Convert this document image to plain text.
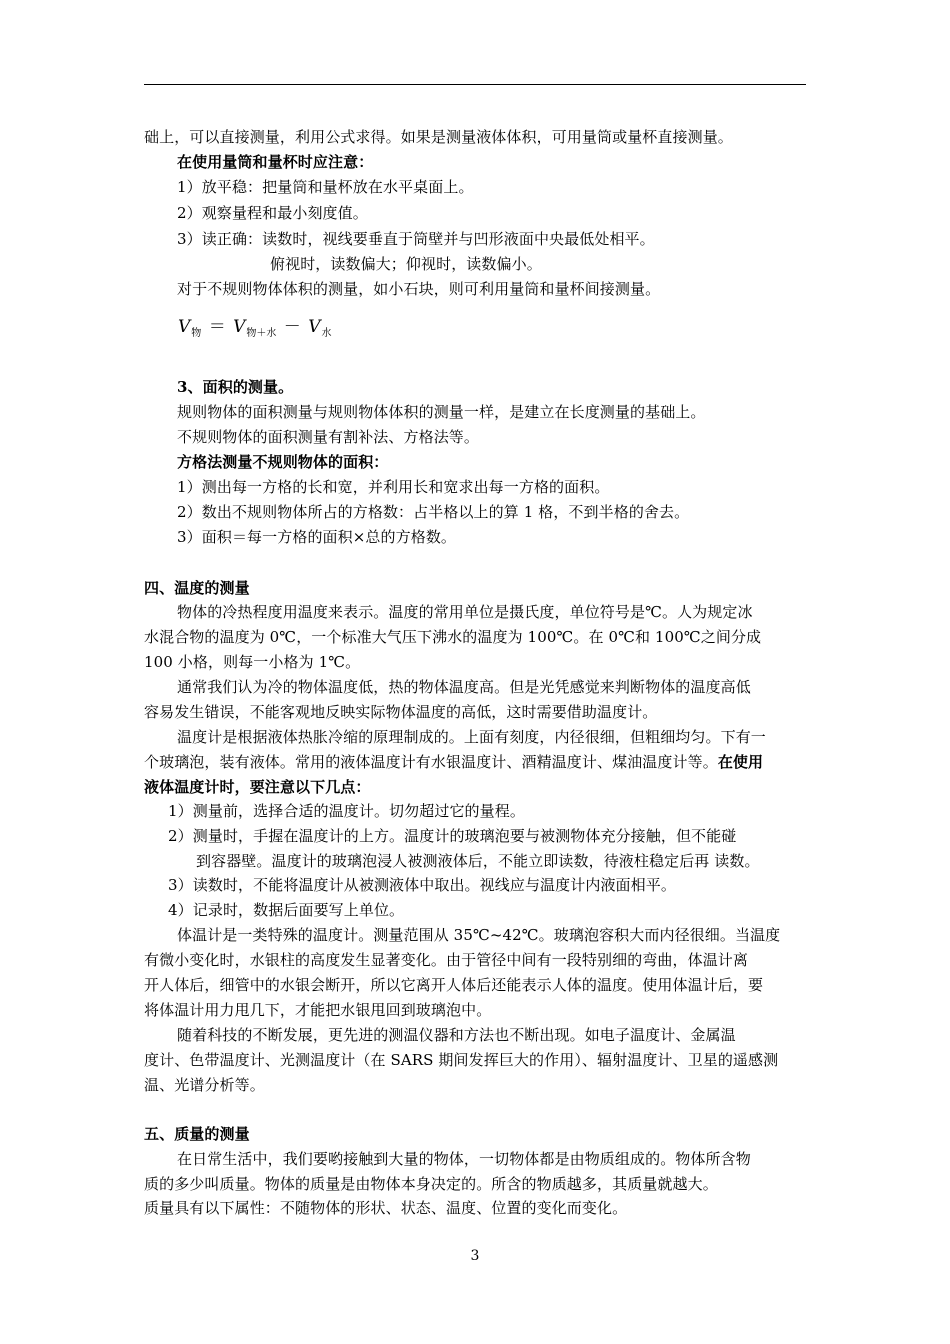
础上，可以直接测量，利用公式求得。如果是测量液体体积，可用量筒或量杯直接测量。
在使用量筒和量杯时应注意：
1）放平稳：把量筒和量杯放在水平桌面上。
2）观察量程和最小刻度值。
3）读正确：读数时，视线要垂直于筒壁并与凹形液面中央最低处相平。
俯视时，读数偏大；仰视时，读数偏小。
对于不规则物体体积的测量，如小石块，则可利用量筒和量杯间接测量。
$V_物 = V_{物+水} - V_水$
3、面积的测量。
规则物体的面积测量与规则物体体积的测量一样，是建立在长度测量的基础上。
不规则物体的面积测量有割补法、方格法等。
方格法测量不规则物体的面积：
1）测出每一方格的长和宽，并利用长和宽求出每一方格的面积。
2）数出不规则物体所占的方格数：占半格以上的算 1 格，不到半格的舍去。
3）面积＝每一方格的面积×总的方格数。
四、温度的测量
物体的冷热程度用温度来表示。温度的常用单位是摄氏度，单位符号是℃。人为规定冰
水混合物的温度为 0℃，一个标准大气压下沸水的温度为 100℃。在 0℃和 100℃之间分成
100 小格，则每一小格为 1℃。
通常我们认为冷的物体温度低，热的物体温度高。但是光凭感觉来判断物体的温度高低
容易发生错误，不能客观地反映实际物体温度的高低，这时需要借助温度计。
温度计是根据液体热胀冷缩的原理制成的。上面有刻度，内径很细，但粗细均匀。下有一
个玻璃泡，装有液体。常用的液体温度计有水银温度计、酒精温度计、煤油温度计等。在使用
液体温度计时，要注意以下几点：
1）测量前，选择合适的温度计。切勿超过它的量程。
2）测量时，手握在温度计的上方。温度计的玻璃泡要与被测物体充分接触，但不能碰
到容器壁。温度计的玻璃泡浸人被测液体后，不能立即读数，待液柱稳定后再 读数。
3）读数时，不能将温度计从被测液体中取出。视线应与温度计内液面相平。
4）记录时，数据后面要写上单位。
体温计是一类特殊的温度计。测量范围从 35℃~42℃。玻璃泡容积大而内径很细。当温度
有微小变化时，水银柱的高度发生显著变化。由于管径中间有一段特别细的弯曲，体温计离
开人体后，细管中的水银会断开，所以它离开人体后还能表示人体的温度。使用体温计后，要
将体温计用力甩几下，才能把水银甩回到玻璃泡中。
随着科技的不断发展，更先进的测温仪器和方法也不断出现。如电子温度计、金属温
度计、色带温度计、光测温度计（在 SARS 期间发挥巨大的作用）、辐射温度计、卫星的遥感测
温、光谱分析等。
五、质量的测量
在日常生活中，我们要哟接触到大量的物体，一切物体都是由物质组成的。物体所含物
质的多少叫质量。物体的质量是由物体本身决定的。所含的物质越多，其质量就越大。
质量具有以下属性：不随物体的形状、状态、温度、位置的变化而变化。
3
